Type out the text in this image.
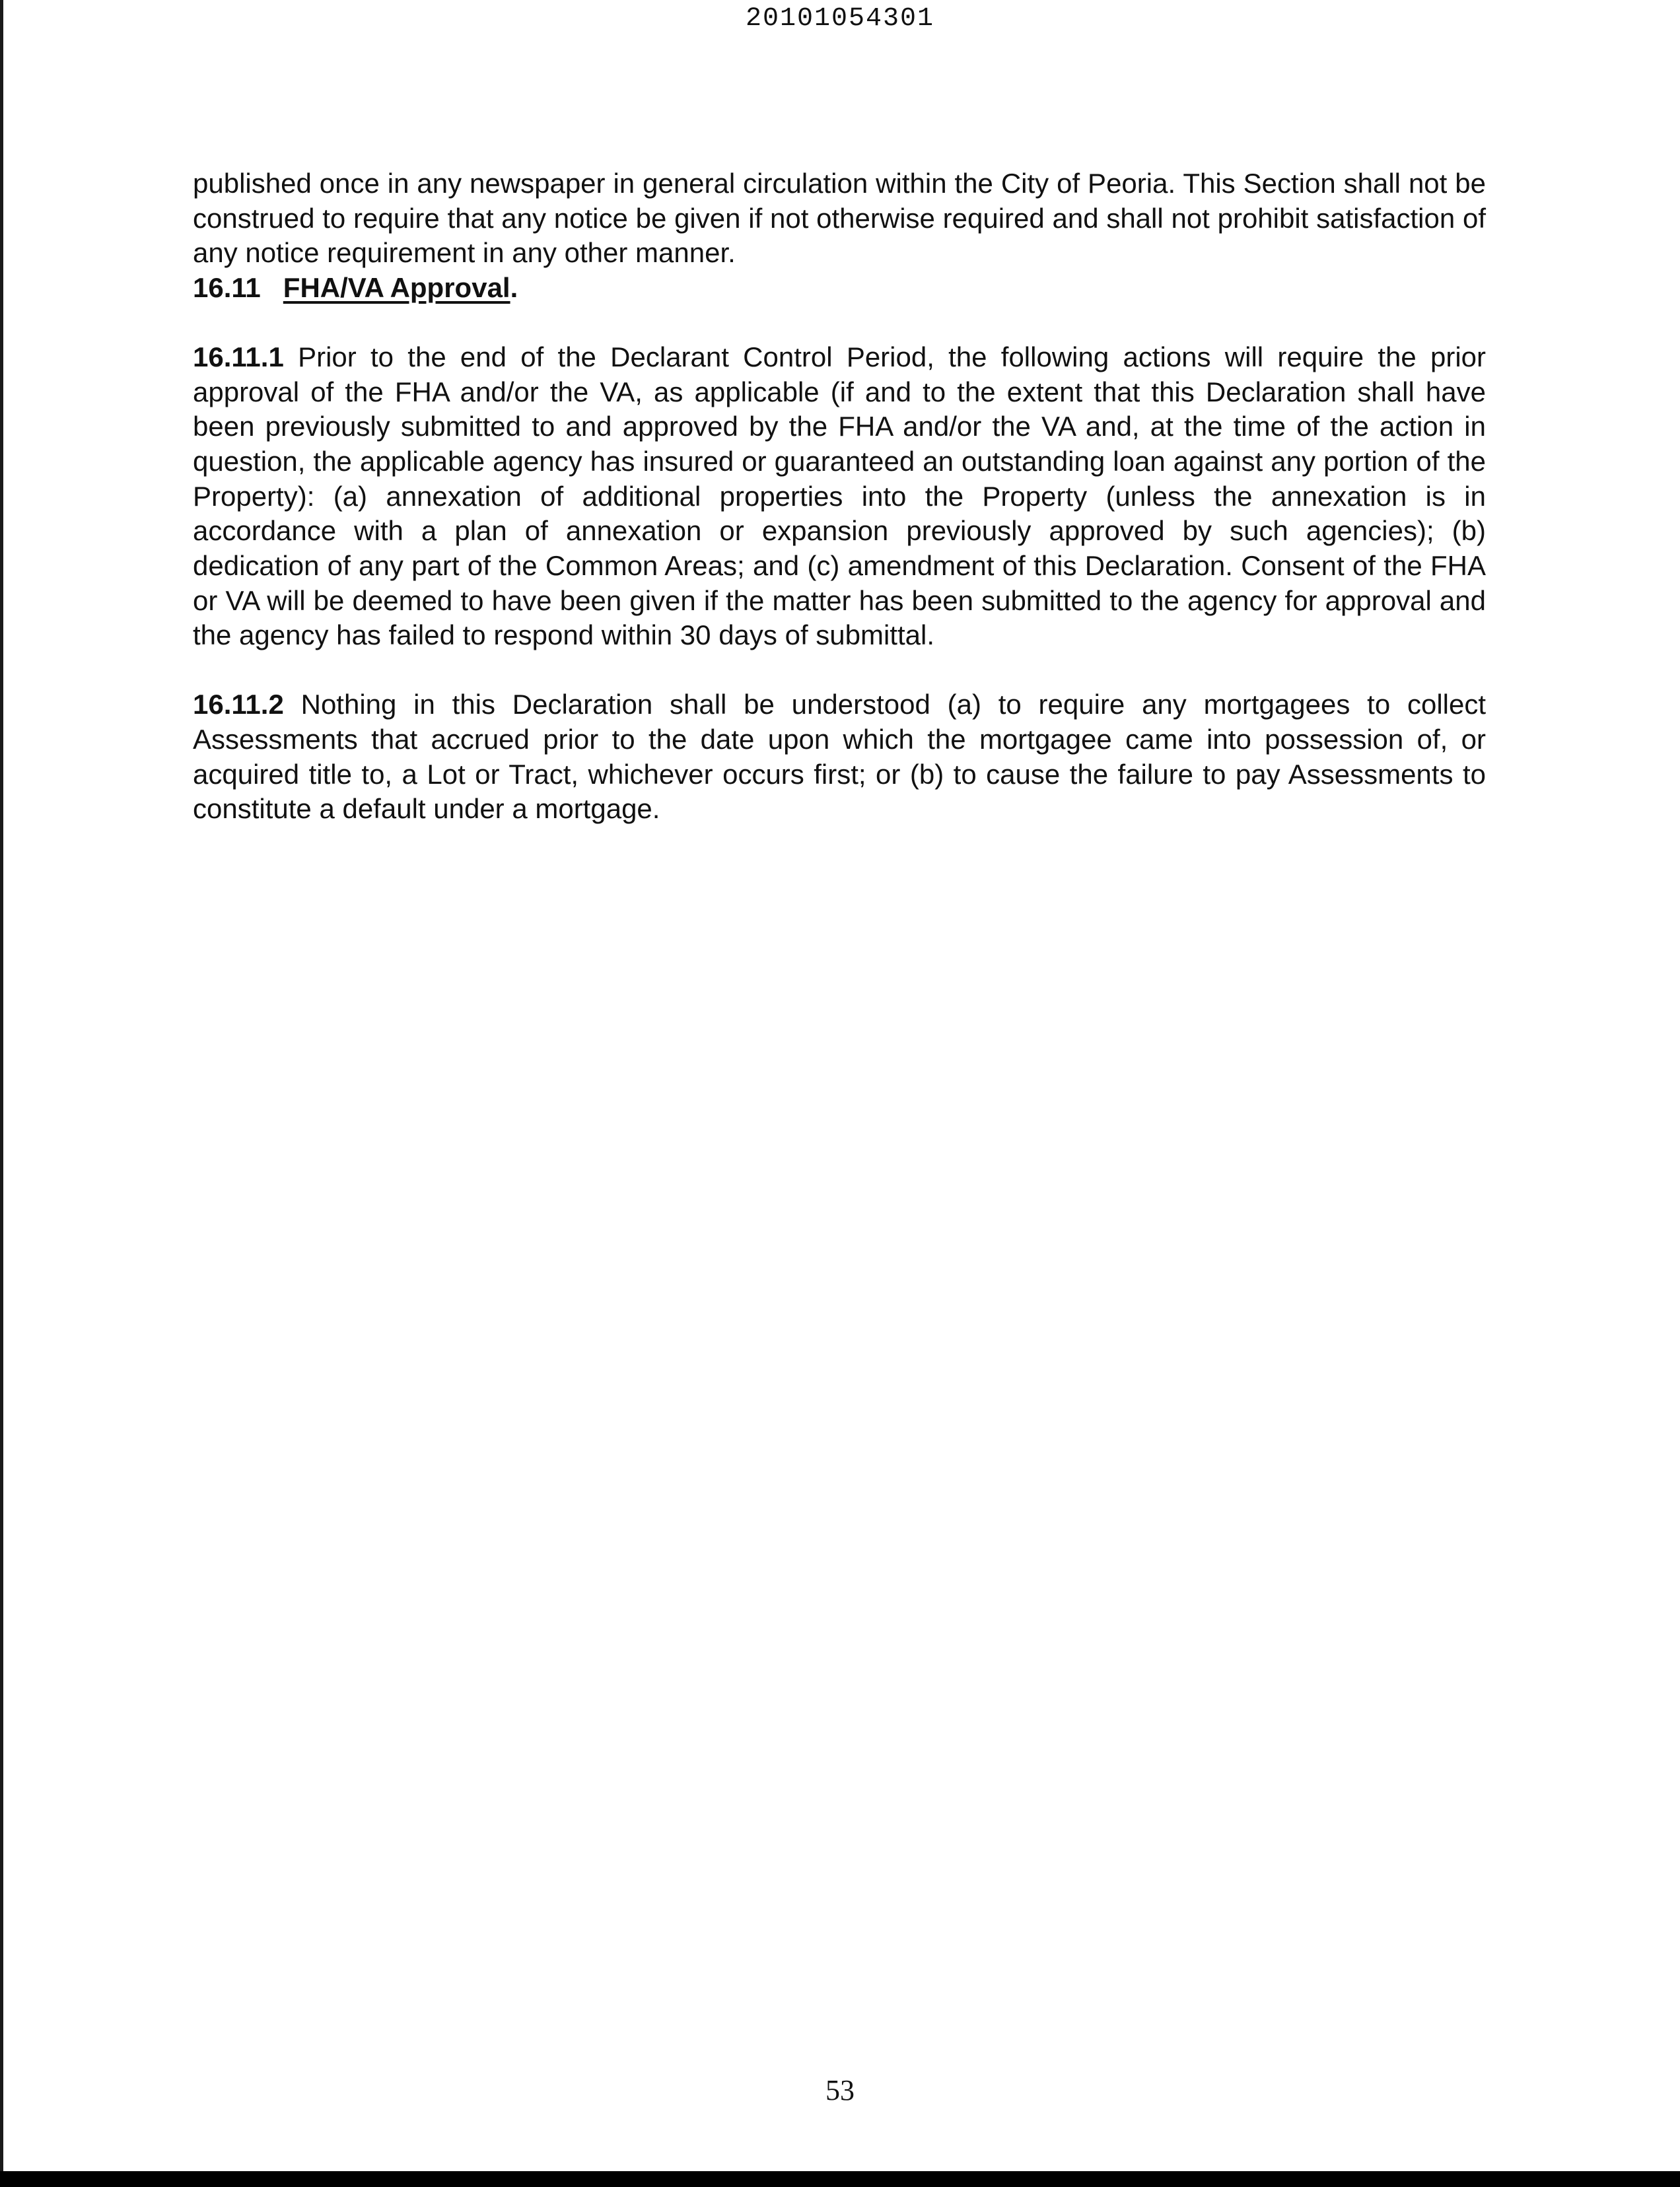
20101054301

published once in any newspaper in general circulation within the City of Peoria. This Section shall not be construed to require that any notice be given if not otherwise required and shall not prohibit satisfaction of any notice requirement in any other manner.

16.11 FHA/VA Approval.

16.11.1 Prior to the end of the Declarant Control Period, the following actions will require the prior approval of the FHA and/or the VA, as applicable (if and to the extent that this Declaration shall have been previously submitted to and approved by the FHA and/or the VA and, at the time of the action in question, the applicable agency has insured or guaranteed an outstanding loan against any portion of the Property): (a) annexation of additional properties into the Property (unless the annexation is in accordance with a plan of annexation or expansion previously approved by such agencies); (b) dedication of any part of the Common Areas; and (c) amendment of this Declaration. Consent of the FHA or VA will be deemed to have been given if the matter has been submitted to the agency for approval and the agency has failed to respond within 30 days of submittal.

16.11.2 Nothing in this Declaration shall be understood (a) to require any mortgagees to collect Assessments that accrued prior to the date upon which the mortgagee came into possession of, or acquired title to, a Lot or Tract, whichever occurs first; or (b) to cause the failure to pay Assessments to constitute a default under a mortgage.

53
